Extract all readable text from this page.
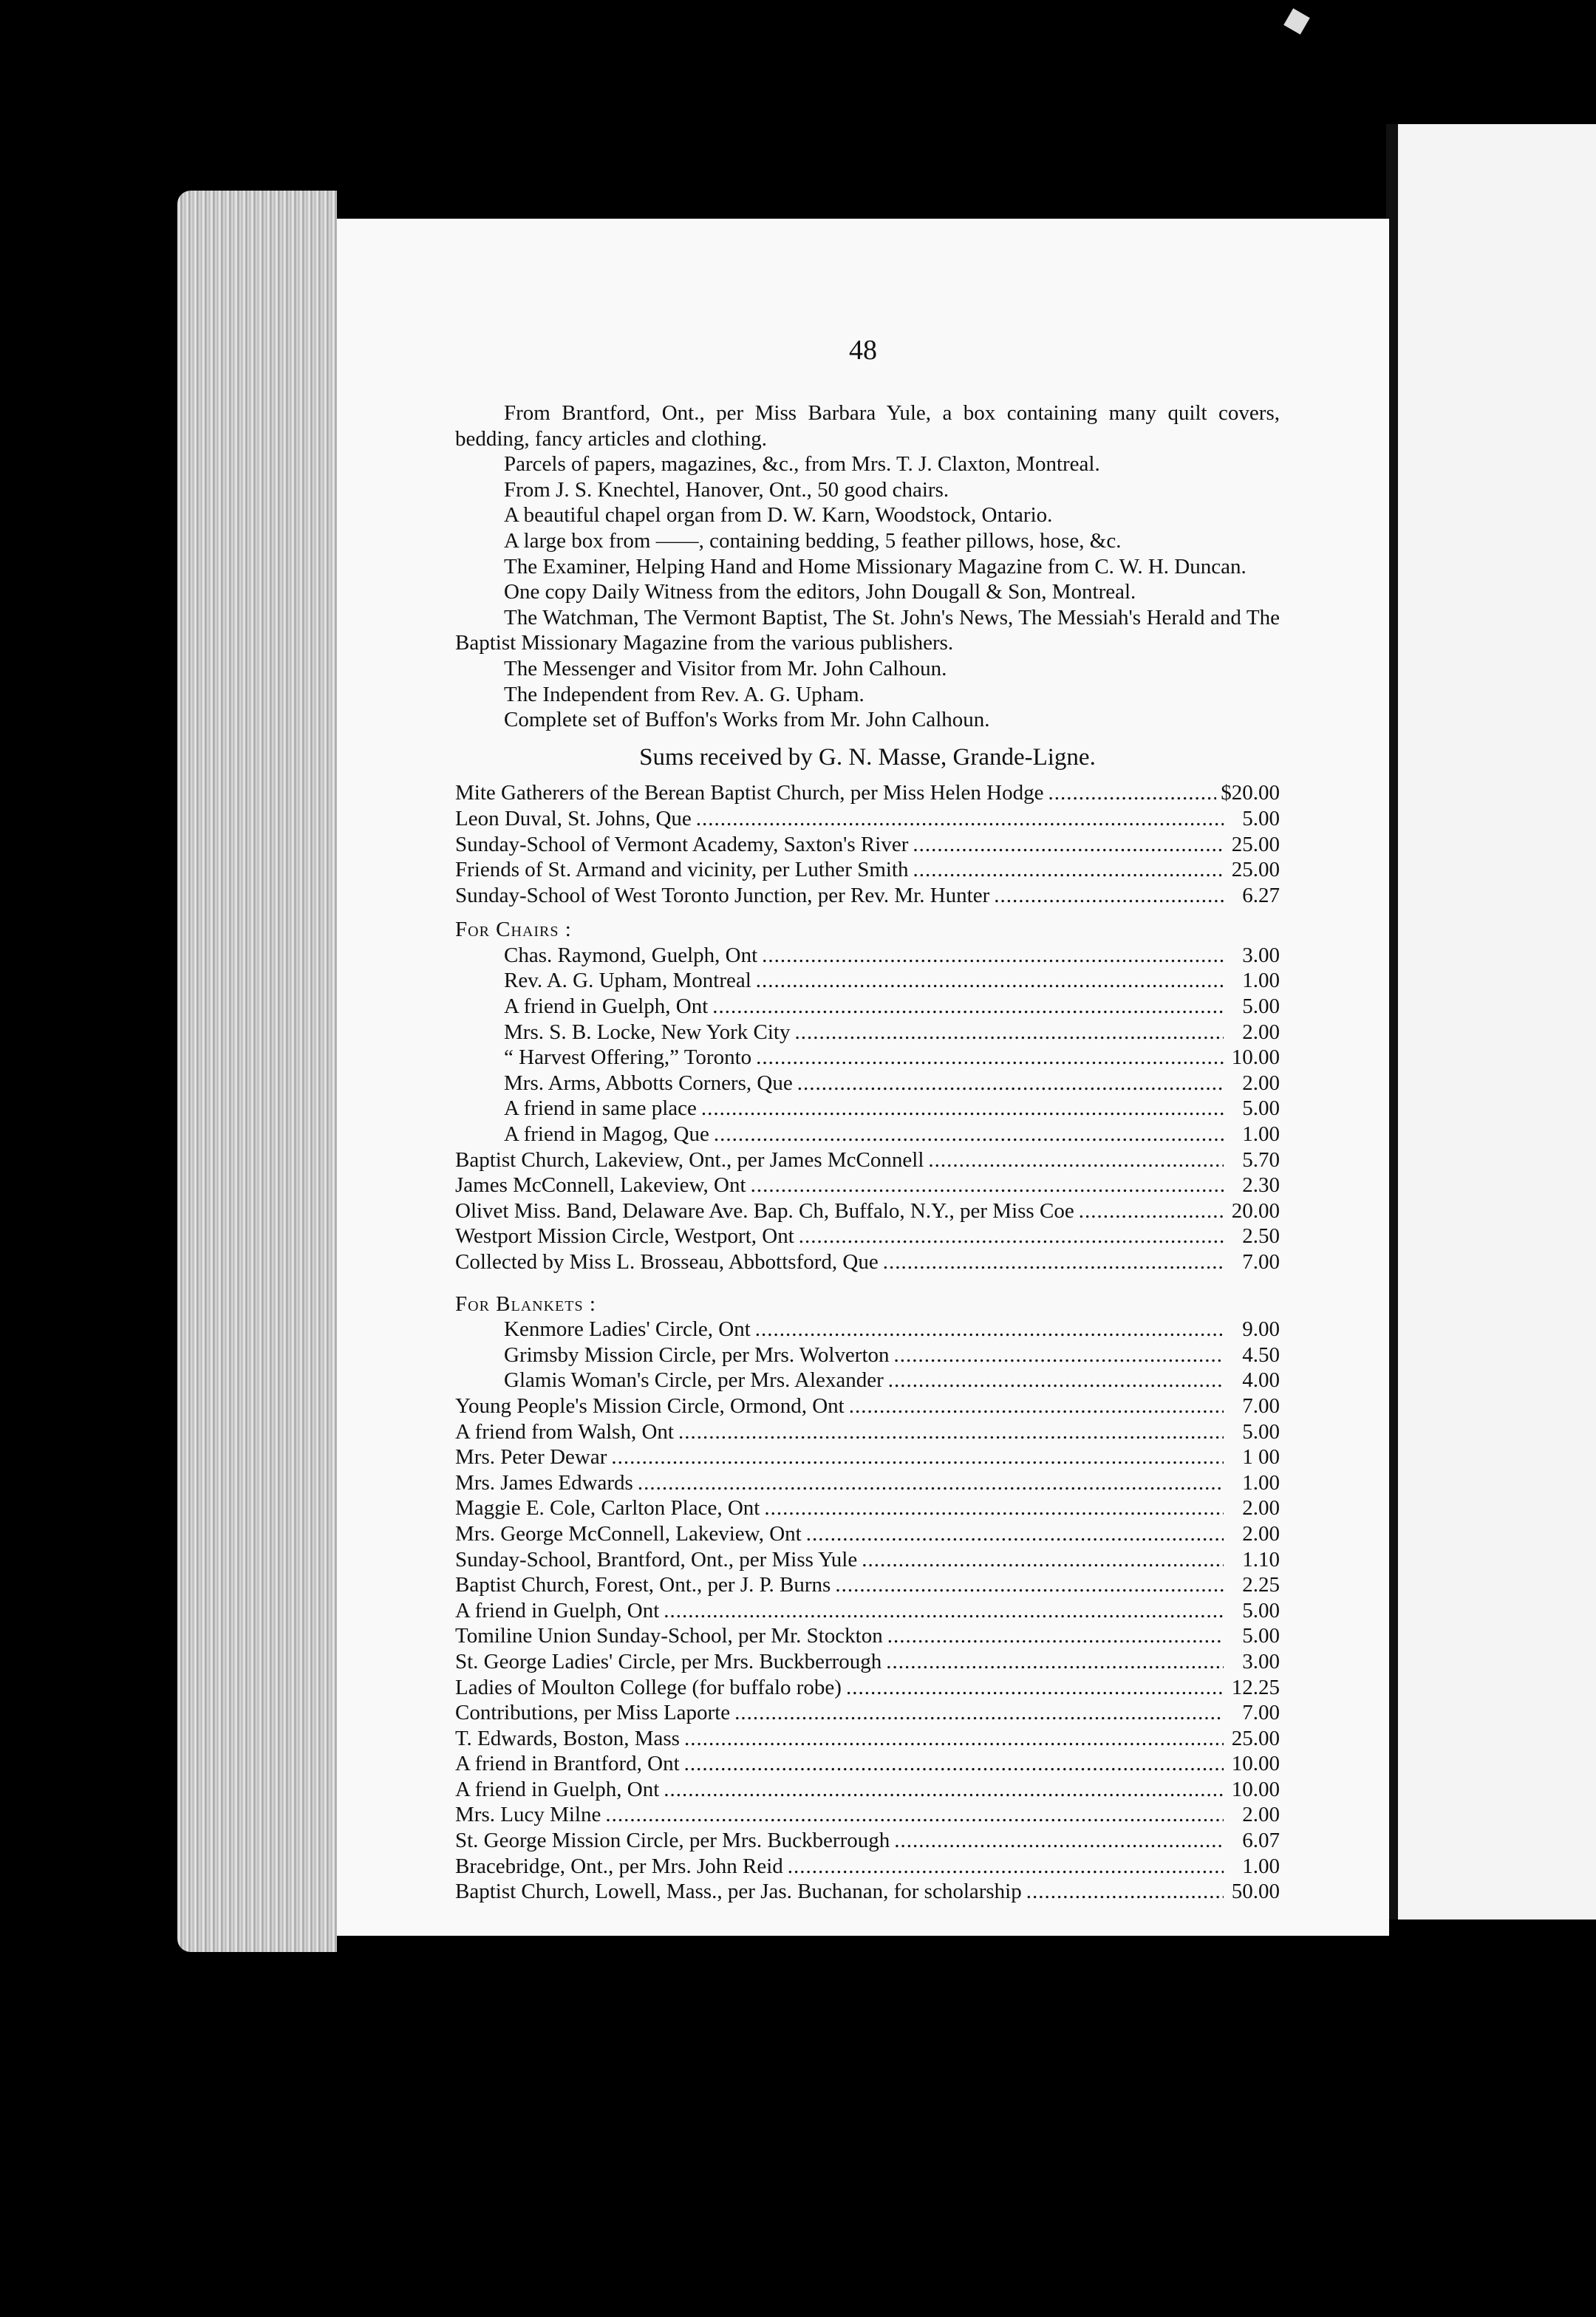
48

From Brantford, Ont., per Miss Barbara Yule, a box containing many quilt covers, bedding, fancy articles and clothing.

Parcels of papers, magazines, &c., from Mrs. T. J. Claxton, Montreal.

From J. S. Knechtel, Hanover, Ont., 50 good chairs.

A beautiful chapel organ from D. W. Karn, Woodstock, Ontario.

A large box from ——, containing bedding, 5 feather pillows, hose, &c.

The Examiner, Helping Hand and Home Missionary Magazine from C. W. H. Duncan.

One copy Daily Witness from the editors, John Dougall & Son, Montreal.

The Watchman, The Vermont Baptist, The St. John's News, The Messiah's Herald and The Baptist Missionary Magazine from the various publishers.

The Messenger and Visitor from Mr. John Calhoun.

The Independent from Rev. A. G. Upham.

Complete set of Buffon's Works from Mr. John Calhoun.

Sums received by G. N. Masse, Grande-Ligne.

Mite Gatherers of the Berean Baptist Church, per Miss Helen Hodge .....	$20.00
Leon Duval, St. Johns, Que .....	5.00
Sunday-School of Vermont Academy, Saxton's River .....	25.00
Friends of St. Armand and vicinity, per Luther Smith .....	25.00
Sunday-School of West Toronto Junction, per Rev. Mr. Hunter .....	6.27
For Chairs :
Chas. Raymond, Guelph, Ont .....	3.00
Rev. A. G. Upham, Montreal .....	1.00
A friend in Guelph, Ont .....	5.00
Mrs. S. B. Locke, New York City .....	2.00
“ Harvest Offering,” Toronto .....	10.00
Mrs. Arms, Abbotts Corners, Que .....	2.00
A friend in same place .....	5.00
A friend in Magog, Que .....	1.00
Baptist Church, Lakeview, Ont., per James McConnell .....	5.70
James McConnell, Lakeview, Ont .....	2.30
Olivet Miss. Band, Delaware Ave. Bap. Ch, Buffalo, N.Y., per Miss Coe .....	20.00
Westport Mission Circle, Westport, Ont .....	2.50
Collected by Miss L. Brosseau, Abbottsford, Que .....	7.00
For Blankets :
Kenmore Ladies' Circle, Ont .....	9.00
Grimsby Mission Circle, per Mrs. Wolverton .....	4.50
Glamis Woman's Circle, per Mrs. Alexander .....	4.00
Young People's Mission Circle, Ormond, Ont .....	7.00
A friend from Walsh, Ont .....	5.00
Mrs. Peter Dewar .....	1 00
Mrs. James Edwards .....	1.00
Maggie E. Cole, Carlton Place, Ont .....	2.00
Mrs. George McConnell, Lakeview, Ont .....	2.00
Sunday-School, Brantford, Ont., per Miss Yule .....	1.10
Baptist Church, Forest, Ont., per J. P. Burns .....	2.25
A friend in Guelph, Ont .....	5.00
Tomiline Union Sunday-School, per Mr. Stockton .....	5.00
St. George Ladies' Circle, per Mrs. Buckberrough .....	3.00
Ladies of Moulton College (for buffalo robe) .....	12.25
Contributions, per Miss Laporte .....	7.00
T. Edwards, Boston, Mass .....	25.00
A friend in Brantford, Ont .....	10.00
A friend in Guelph, Ont .....	10.00
Mrs. Lucy Milne .....	2.00
St. George Mission Circle, per Mrs. Buckberrough .....	6.07
Bracebridge, Ont., per Mrs. John Reid .....	1.00
Baptist Church, Lowell, Mass., per Jas. Buchanan, for scholarship .....	50.00
